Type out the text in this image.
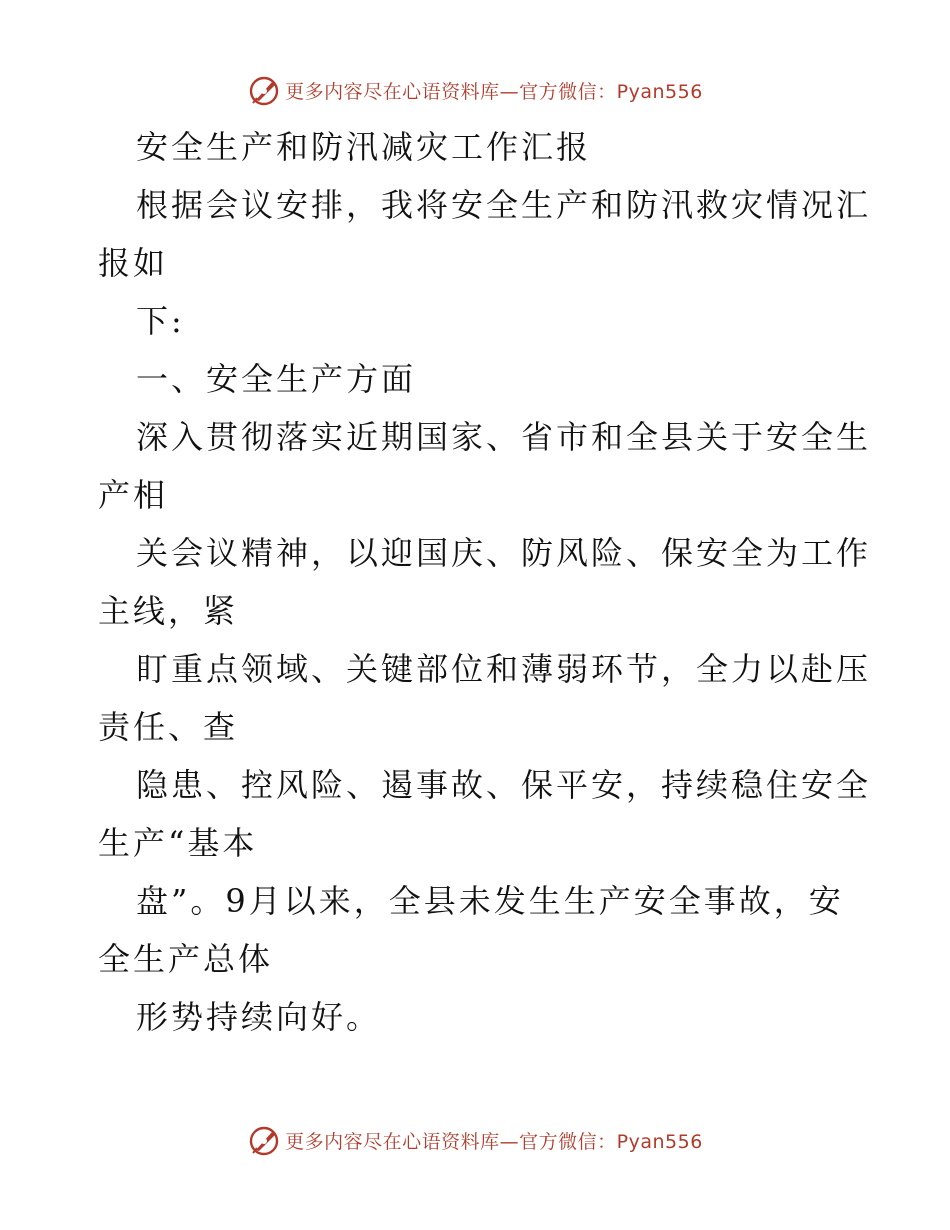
更多内容尽在心语资料库—官方微信：Pyan556
安全生产和防汛减灾工作汇报
根据会议安排，我将安全生产和防汛救灾情况汇
报如
下:
一、安全生产方面
深入贯彻落实近期国家、省市和全县关于安全生
产相
关会议精神，以迎国庆、防风险、保安全为工作
主线，紧
盯重点领域、关键部位和薄弱环节，全力以赴压
责任、查
隐患、控风险、遏事故、保平安，持续稳住安全
生产“基本
盘”。9月以来，全县未发生生产安全事故，安
全生产总体
形势持续向好。
更多内容尽在心语资料库—官方微信：Pyan556
